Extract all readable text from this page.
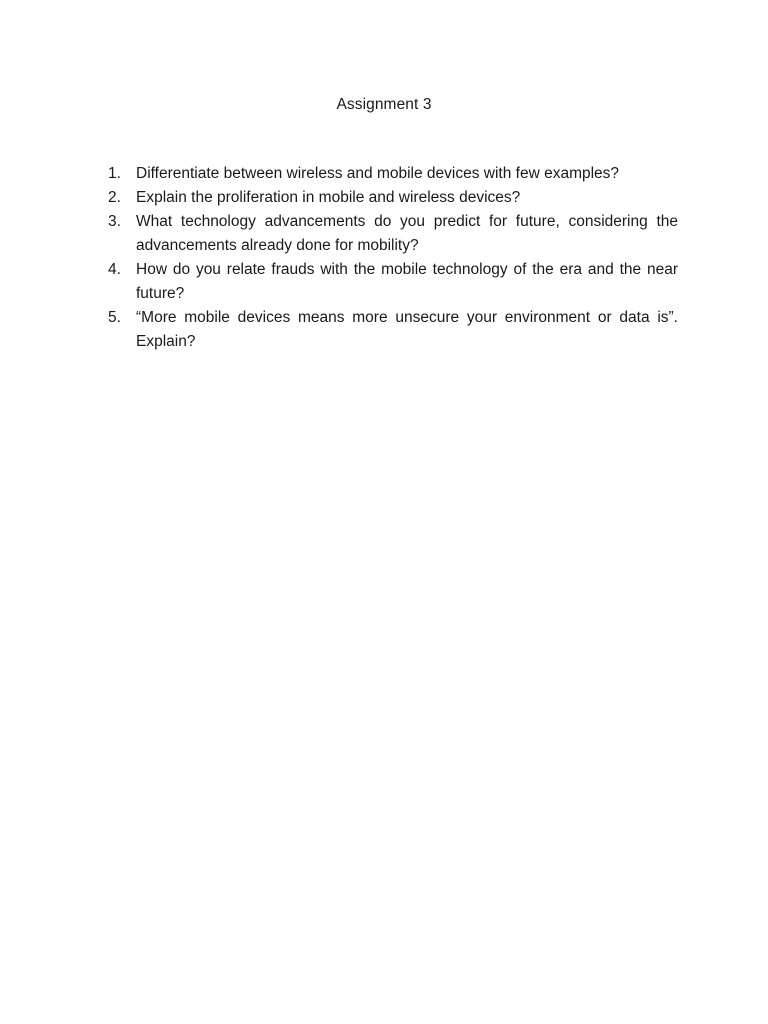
Assignment 3
1. Differentiate between wireless and mobile devices with few examples?
2. Explain the proliferation in mobile and wireless devices?
3. What technology advancements do you predict for future, considering the advancements already done for mobility?
4. How do you relate frauds with the mobile technology of the era and the near future?
5. “More mobile devices means more unsecure your environment or data is”. Explain?
